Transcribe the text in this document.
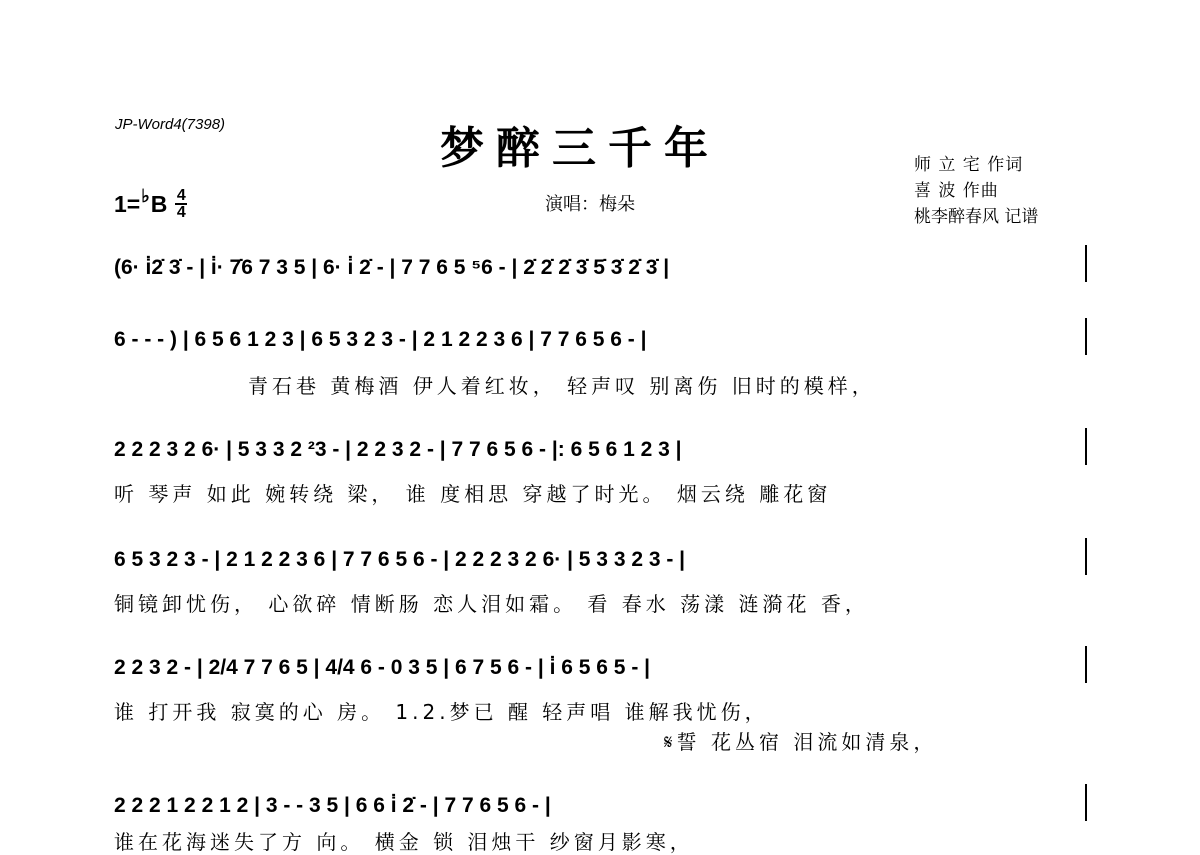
JP-Word4(7398)	梦醉三千年
1= ♭ B $\frac{4}{4}$	演唱：梅朵
师 立 宅 作词
喜 波 作曲
桃李醉春风 记谱
(6· i̇2̇ 3̇ - | i̇· 7̇6 7 3 5 | 6· i̇ 2̇ - | 7 7 6 5 ⁵6 - | 2̇ 2̇ 2̇ 3̇ 5̇ 3̇ 2̇ 3̇ |
6 - - - ) | 6 5 6 1 2 3 | 6 5 3 2 3 - | 2 1 2 2 3 6 | 7 7 6 5 6 - |
青石巷 黄梅酒 伊人着红妆， 轻声叹 别离伤 旧时的模样，
2 2 2 3 2 6· | 5 3 3 2 ²3 - | 2 2 3 2 - | 7 7 6 5 6 - |: 6 5 6 1 2 3 |
听 琴声 如此 婉转绕 梁， 谁 度相思 穿越了时光。 烟云绕 雕花窗
6 5 3 2 3 - | 2 1 2 2 3 6 | 7 7 6 5 6 - | 2 2 2 3 2 6· | 5 3 3 2 3 - |
铜镜卸忧伤， 心欲碎 情断肠 恋人泪如霜。 看 春水 荡漾 涟漪花 香，
2 2 3 2 - | 2/4 7 7 6 5 | 4/4 6 - 0 3 5 | 6 7 5 6 - | i̇ 6 5 6 5 - |
谁 打开我 寂寞的心 房。 1.2.梦已 醒 轻声唱 谁解我忧伤，
𝄋誓 花丛宿 泪流如清泉，
2 2 2 1 2 2 1 2 | 3 - - 3 5 | 6 6 i̇ 2̇ - | 7 7 6 5 6 - |
谁在花海迷失了方 向。 横金 锁 泪烛干 纱窗月影寒，
